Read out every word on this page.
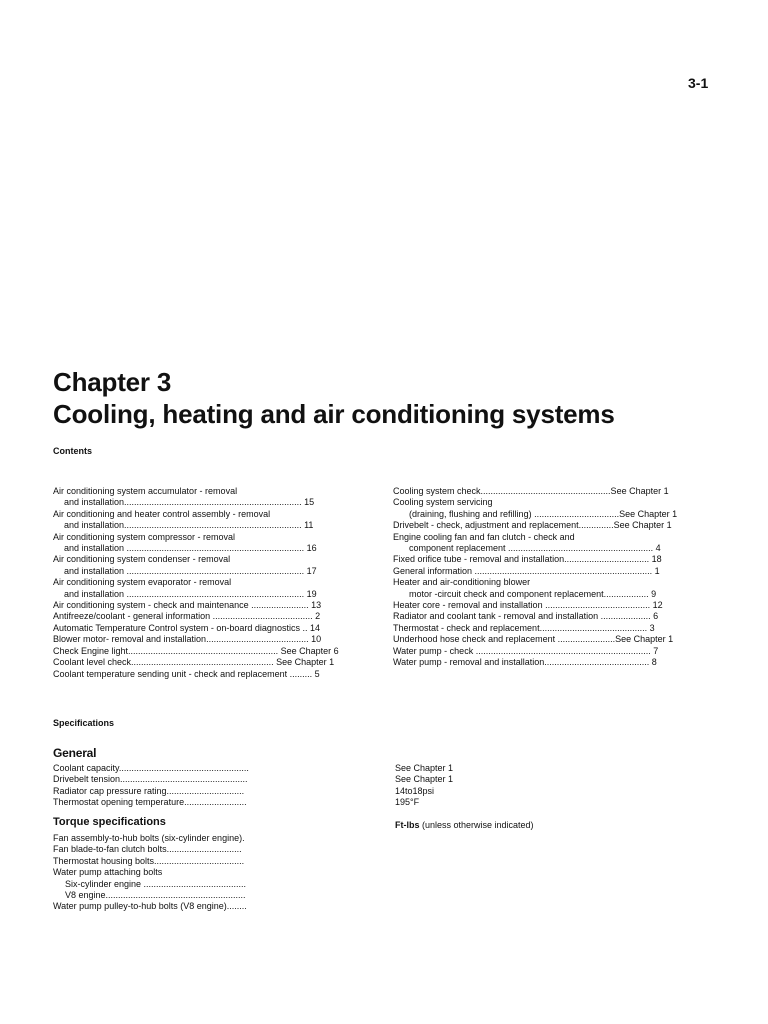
3-1
Chapter 3
Cooling, heating and air conditioning systems
Contents
Air conditioning system accumulator - removal
and installation....................................................................... 15
Air conditioning and heater control assembly - removal
and installation....................................................................... 11
Air conditioning system compressor - removal
and installation ....................................................................... 16
Air conditioning system condenser - removal
and installation ....................................................................... 17
Air conditioning system evaporator - removal
and installation ....................................................................... 19
Air conditioning system - check and maintenance ....................... 13
Antifreeze/coolant - general information ........................................ 2
Automatic Temperature Control system - on-board diagnostics .. 14
Blower motor- removal and installation......................................... 10
Check Engine light............................................................ See Chapter 6
Coolant level check......................................................... See Chapter 1
Coolant temperature sending unit - check and replacement ......... 5
Cooling system check....................................................See Chapter 1
Cooling system servicing
(draining, flushing and refilling) ..................................See Chapter 1
Drivebelt - check, adjustment and replacement..............See Chapter 1
Engine cooling fan and fan clutch - check and
component replacement .......................................................... 4
Fixed orifice tube - removal and installation.................................. 18
General information ....................................................................... 1
Heater and air-conditioning blower
motor -circuit check and component replacement.................. 9
Heater core - removal and installation .......................................... 12
Radiator and coolant tank - removal and installation .................... 6
Thermostat - check and replacement........................................... 3
Underhood hose check and replacement .......................See Chapter 1
Water pump - check ...................................................................... 7
Water pump - removal and installation.......................................... 8
Specifications
General
Coolant capacity....................................................
Drivebelt tension...................................................
Radiator cap pressure rating...............................
Thermostat opening temperature.........................
See Chapter 1
See Chapter 1
14to18psi
195°F
Torque specifications	Ft-lbs (unless otherwise indicated)
Fan assembly-to-hub bolts (six-cylinder engine).
Fan blade-to-fan clutch bolts..............................
Thermostat housing bolts....................................
Water pump attaching bolts
Six-cylinder engine .........................................
V8 engine........................................................
Water pump pulley-to-hub bolts (V8 engine)........
